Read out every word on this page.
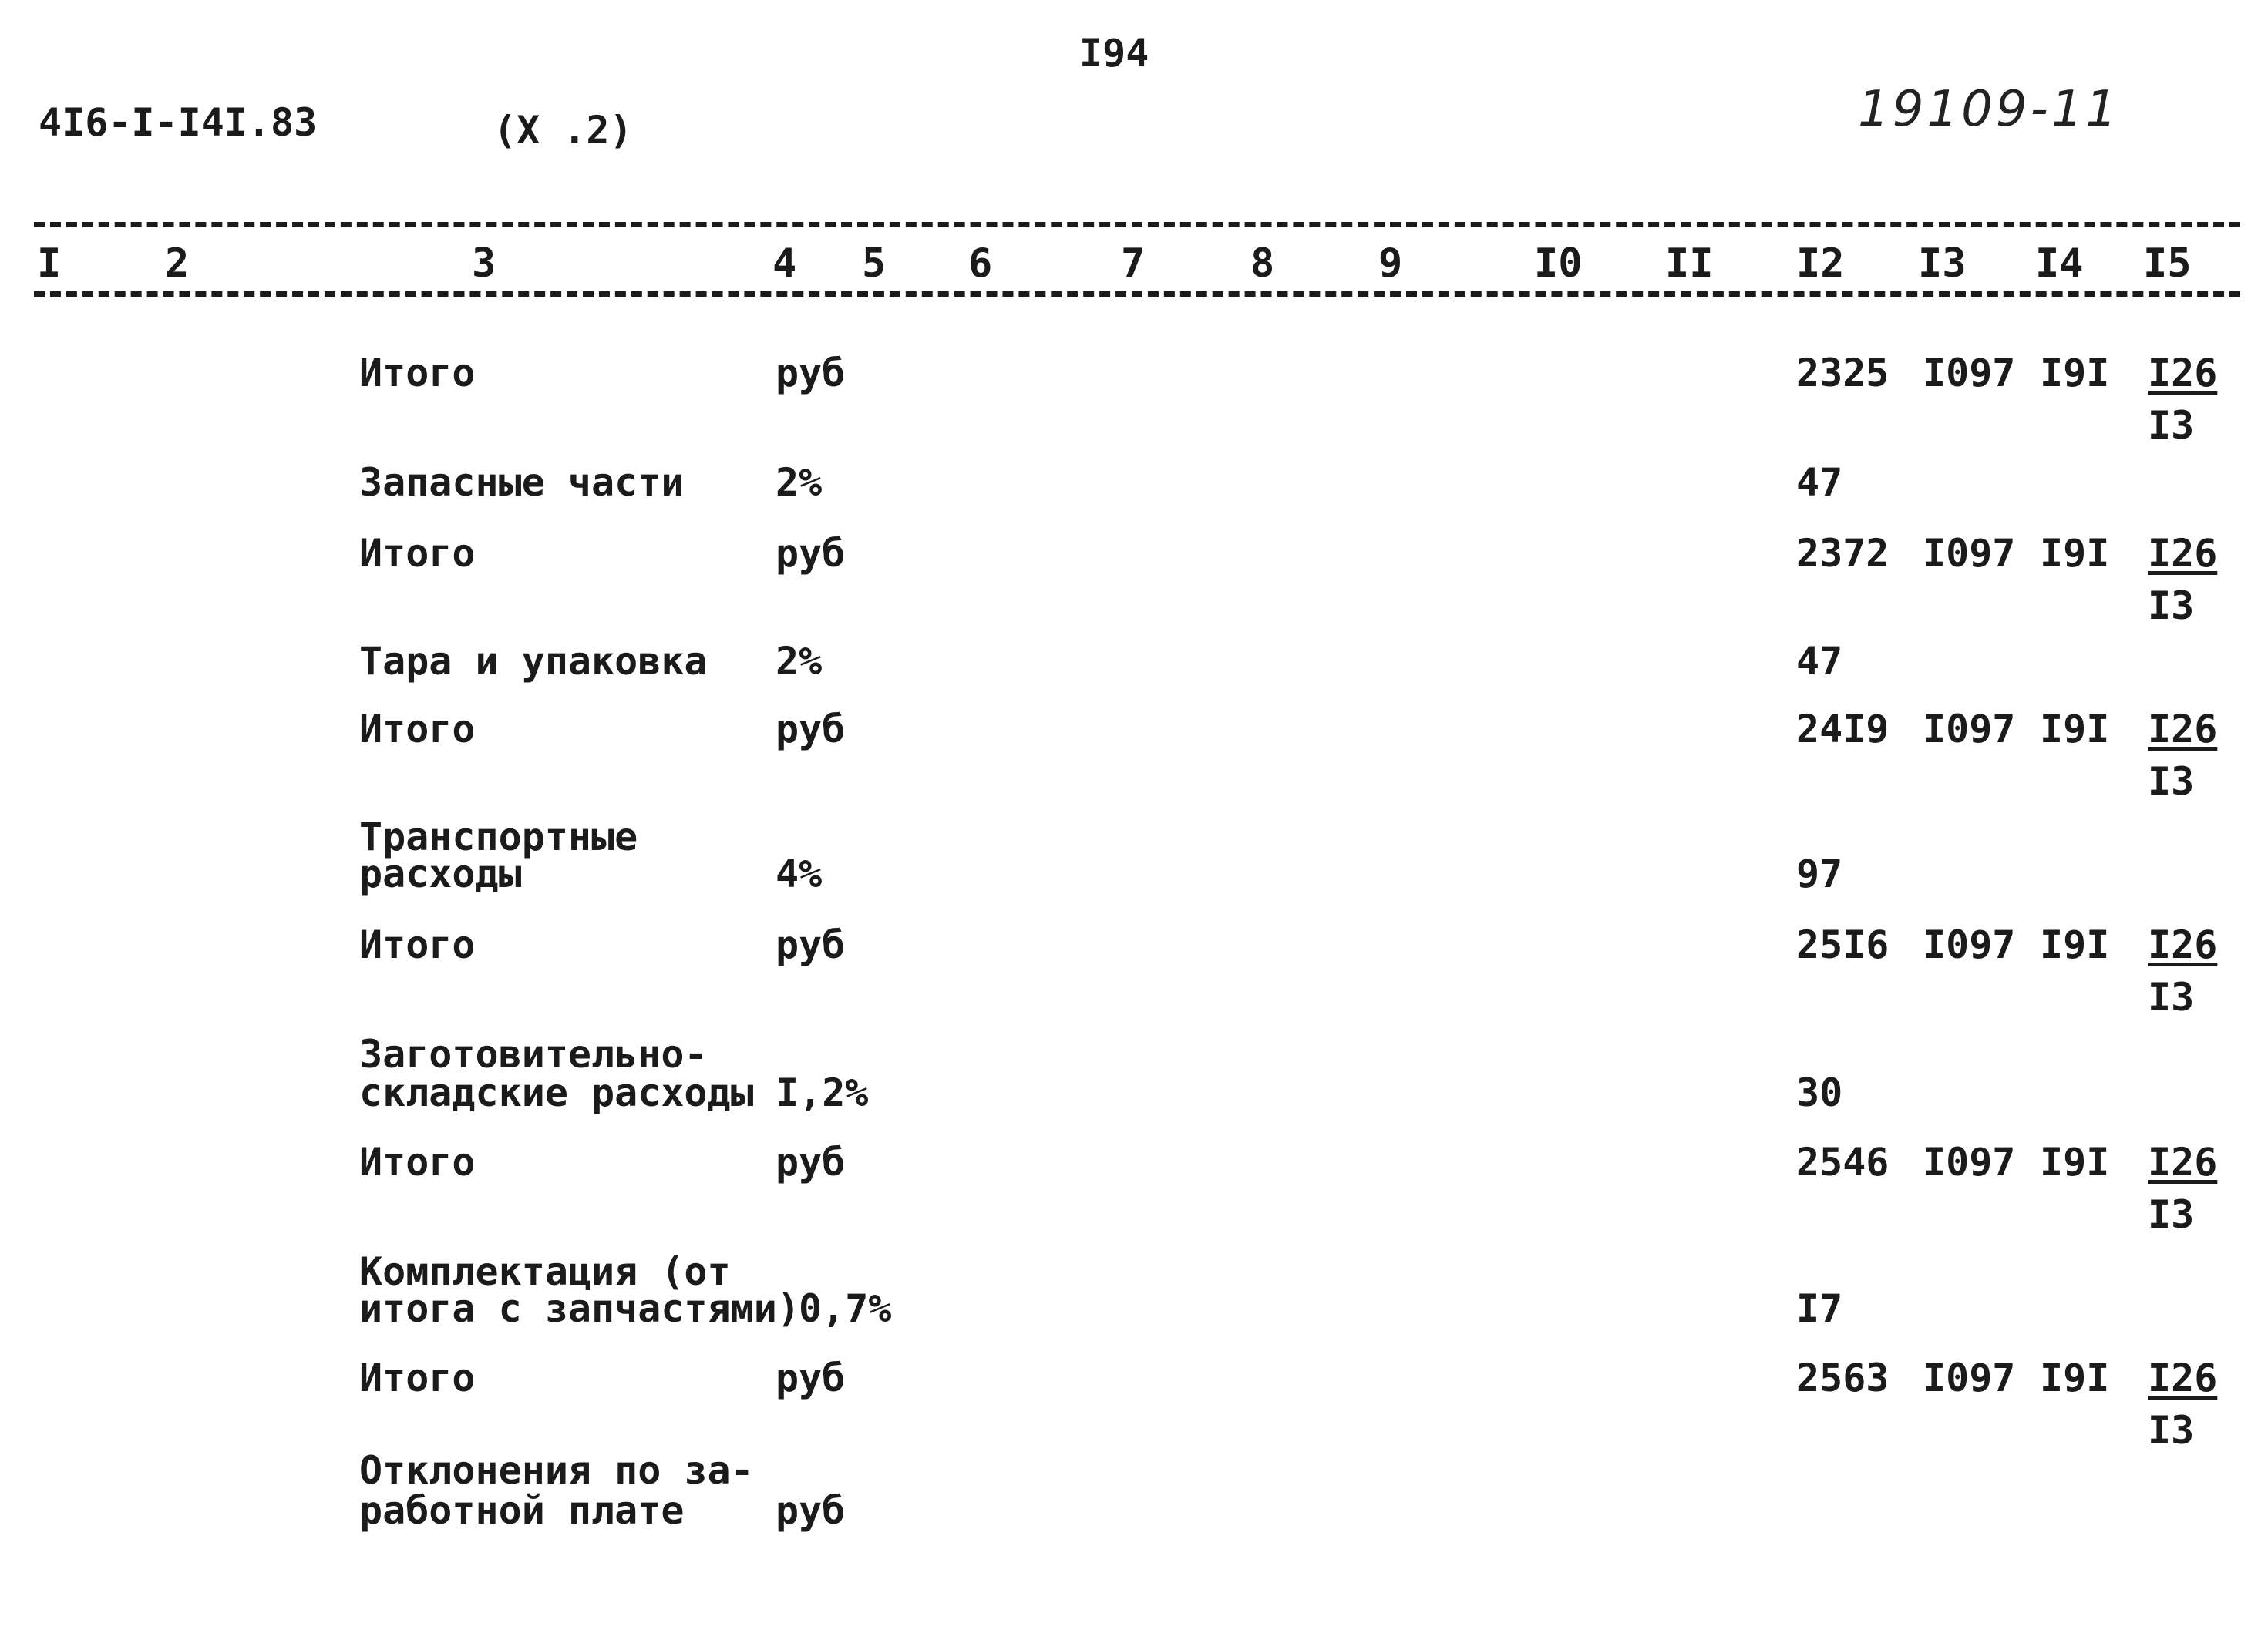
I94
4I6-I-I4I.83	(X .2)	19109-11
I	2	3	4 5 6	7	8	9	I0 II I2 I3 I4 I5
Итого	руб	2325 I097 $I9I \frac{I26}{I3}$
Запасные части 2%	47
Итого	руб	2372 I097 $I9I \frac{I26}{I3}$
Тара и упаковка 2%	47
Итого	руб	24I9 I097 $I9I \frac{I26}{I3}$
Транспортные
расходы	4%	97
Итого	руб	25I6 I097 $I9I \frac{I26}{I3}$
Заготовительно-
складские расходы I,2%	30
Итого	руб	2546 I097 $I9I \frac{I26}{I3}$
Комплектация (от
итога с запчастями)
0,7%	I7
Итого	руб	2563 I097 $I9I \frac{I26}{I3}$
Отклонения по за-
работной плате руб
